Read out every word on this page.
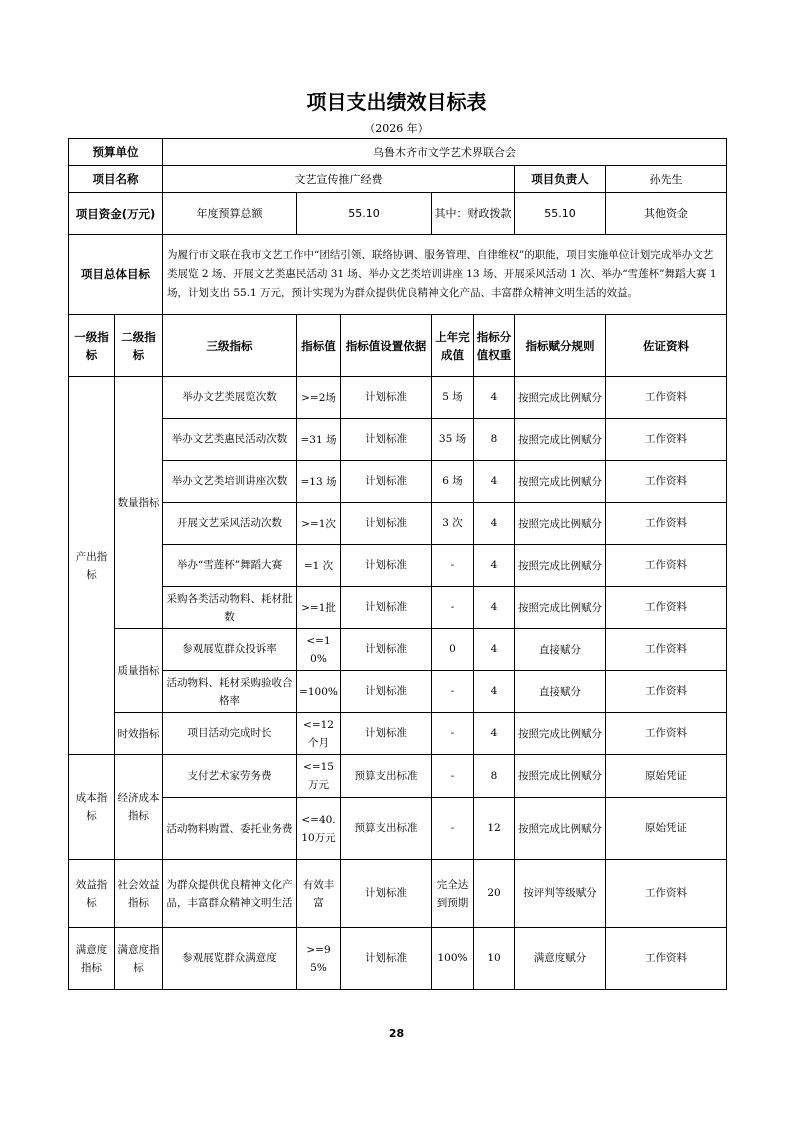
项目支出绩效目标表
（2026 年）
预算单位		乌鲁木齐市文学艺术界联合会						
项目名称		文艺宣传推广经费					项目负责人	孙先生
项目资金(万元)		年度预算总额	55.10		其中：财政拨款		55.10	其他资金
项目总体目标		为履行市文联在我市文艺工作中“团结引领、联络协调、服务管理、自律维权”的职能，项目实施单位计划完成举办文艺类展览 2 场、开展文艺类惠民活动 31 场、举办文艺类培训讲座 13 场、开展采风活动 1 次、举办“雪莲杯”舞蹈大赛 1 场，计划支出 55.1 万元，预计实现为为群众提供优良精神文化产品、丰富群众精神文明生活的效益。						
一级指标	二级指标	三级指标	指标值	指标值设置依据	上年完成值	指标分值权重	指标赋分规则	佐证资料
产出指标	数量指标	举办文艺类展览次数	>=2场	计划标准	5 场	4	按照完成比例赋分	工作资料
		举办文艺类惠民活动次数	=31 场	计划标准	35 场	8	按照完成比例赋分	工作资料
		举办文艺类培训讲座次数	=13 场	计划标准	6 场	4	按照完成比例赋分	工作资料
		开展文艺采风活动次数	>=1次	计划标准	3 次	4	按照完成比例赋分	工作资料
		举办“雪莲杯”舞蹈大赛	=1 次	计划标准	-	4	按照完成比例赋分	工作资料
		采购各类活动物料、耗材批数	>=1批	计划标准	-	4	按照完成比例赋分	工作资料
	质量指标	参观展览群众投诉率	<=10%	计划标准	0	4	直接赋分	工作资料
		活动物料、耗材采购验收合格率	=100%	计划标准	-	4	直接赋分	工作资料
	时效指标	项目活动完成时长	<=12个月	计划标准	-	4	按照完成比例赋分	工作资料
成本指标	经济成本指标	支付艺术家劳务费	<=15万元	预算支出标准	-	8	按照完成比例赋分	原始凭证
		活动物料购置、委托业务费	<=40.10万元	预算支出标准	-	12	按照完成比例赋分	原始凭证
效益指标	社会效益指标	为群众提供优良精神文化产品，丰富群众精神文明生活	有效丰富	计划标准	完全达到预期	20	按评判等级赋分	工作资料
满意度指标	满意度指标	参观展览群众满意度	>=95%	计划标准	100%	10	满意度赋分	工作资料
28
